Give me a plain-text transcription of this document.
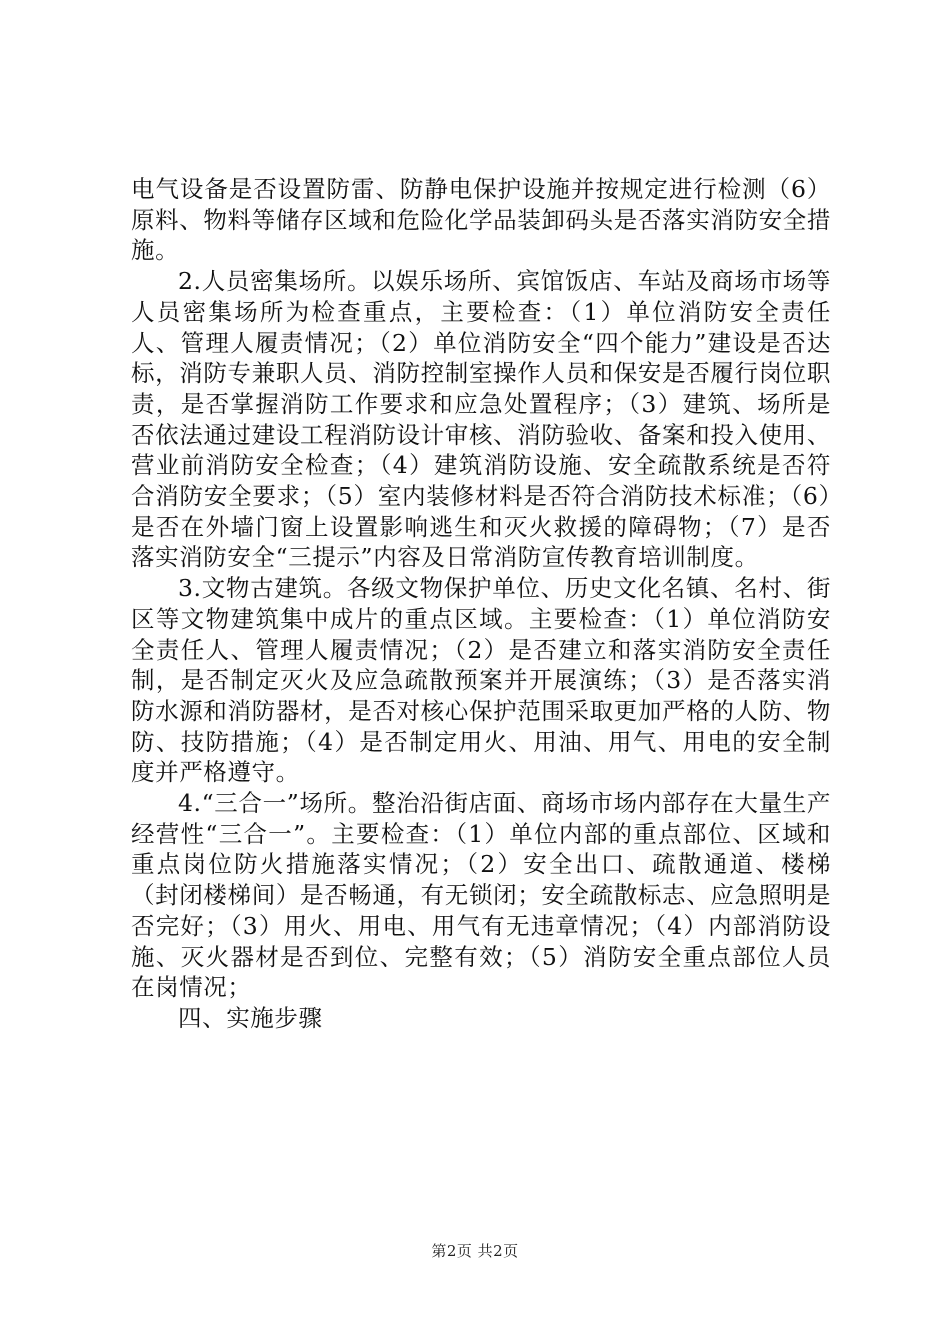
电气设备是否设置防雷、防静电保护设施并按规定进行检测（6）原料、物料等储存区域和危险化学品装卸码头是否落实消防安全措施。

2.人员密集场所。以娱乐场所、宾馆饭店、车站及商场市场等人员密集场所为检查重点，主要检查：（1）单位消防安全责任人、管理人履责情况；（2）单位消防安全“四个能力”建设是否达标，消防专兼职人员、消防控制室操作人员和保安是否履行岗位职责，是否掌握消防工作要求和应急处置程序；（3）建筑、场所是否依法通过建设工程消防设计审核、消防验收、备案和投入使用、营业前消防安全检查；（4）建筑消防设施、安全疏散系统是否符合消防安全要求；（5）室内装修材料是否符合消防技术标准；（6）是否在外墙门窗上设置影响逃生和灭火救援的障碍物；（7）是否落实消防安全“三提示”内容及日常消防宣传教育培训制度。

3.文物古建筑。各级文物保护单位、历史文化名镇、名村、街区等文物建筑集中成片的重点区域。主要检查：（1）单位消防安全责任人、管理人履责情况；（2）是否建立和落实消防安全责任制，是否制定灭火及应急疏散预案并开展演练；（3）是否落实消防水源和消防器材，是否对核心保护范围采取更加严格的人防、物防、技防措施；（4）是否制定用火、用油、用气、用电的安全制度并严格遵守。

4.“三合一”场所。整治沿街店面、商场市场内部存在大量生产经营性“三合一”。主要检查：（1）单位内部的重点部位、区域和重点岗位防火措施落实情况；（2）安全出口、疏散通道、楼梯（封闭楼梯间）是否畅通，有无锁闭；安全疏散标志、应急照明是否完好；（3）用火、用电、用气有无违章情况；（4）内部消防设施、灭火器材是否到位、完整有效；（5）消防安全重点部位人员在岗情况；

四、实施步骤

第2页 共2页
